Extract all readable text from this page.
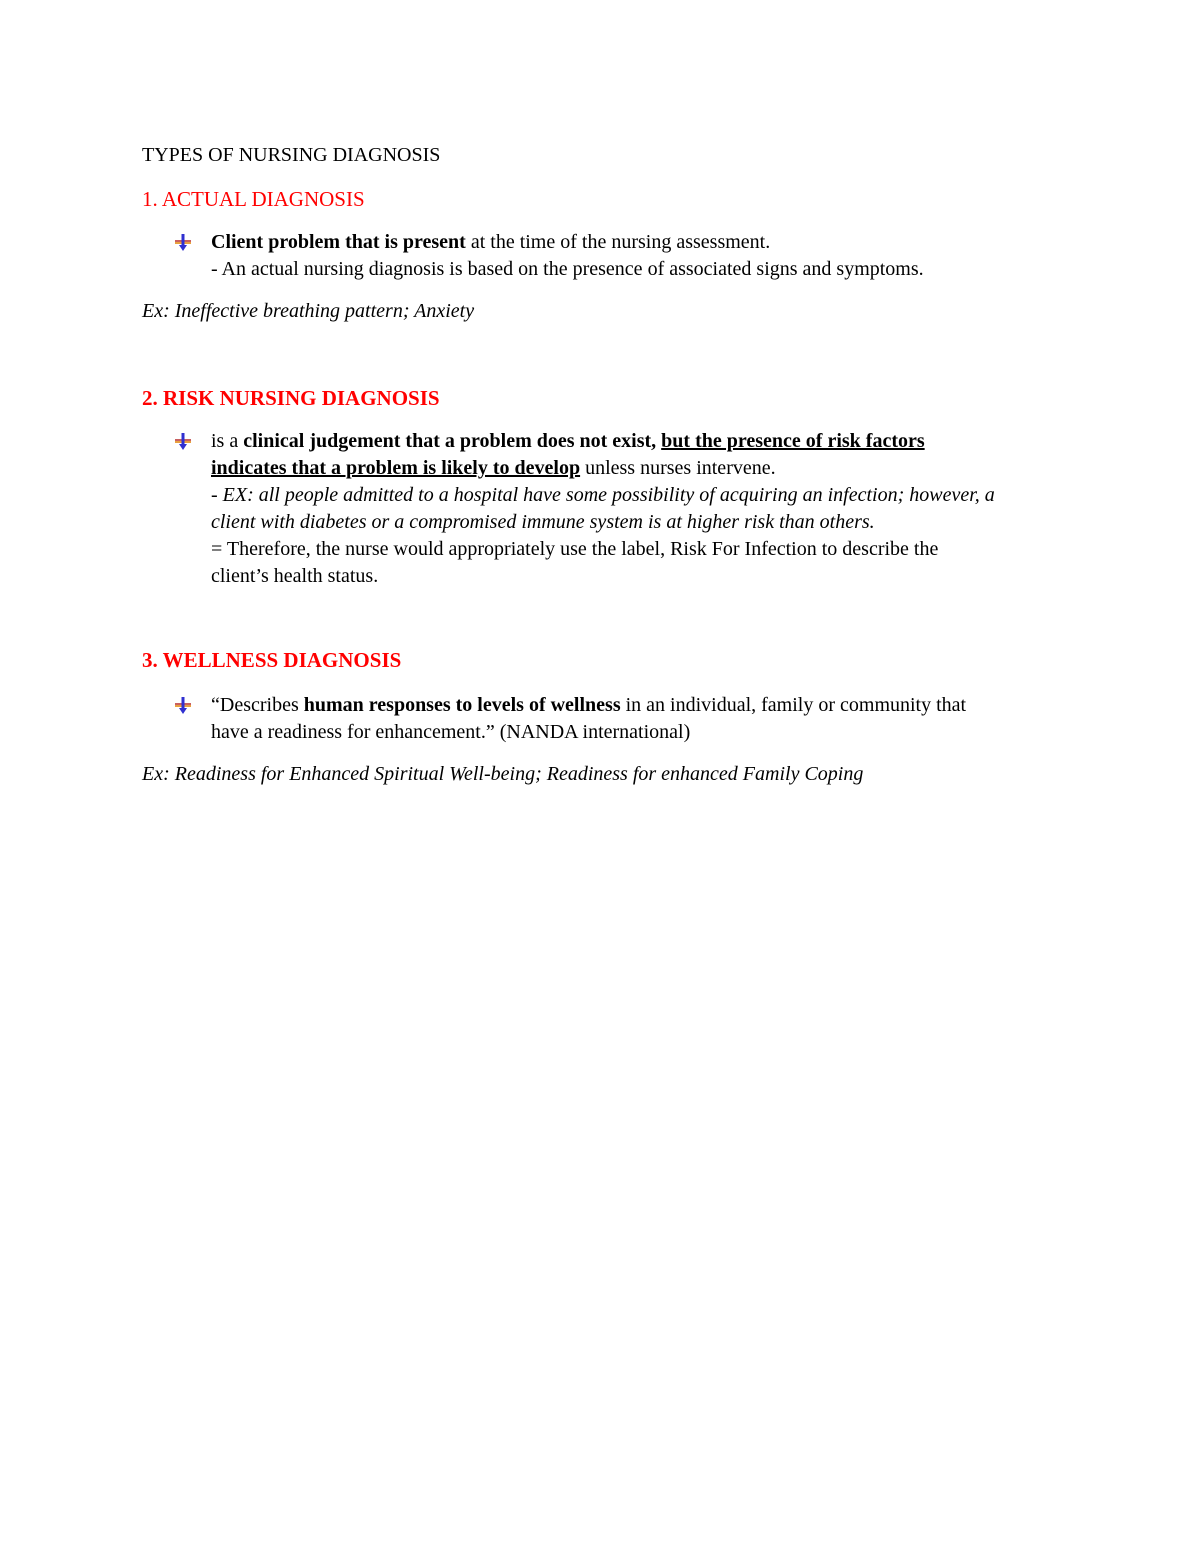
TYPES OF NURSING DIAGNOSIS
1. ACTUAL DIAGNOSIS
Client problem that is present at the time of the nursing assessment.
- An actual nursing diagnosis is based on the presence of associated signs and symptoms.
Ex: Ineffective breathing pattern; Anxiety
2. RISK NURSING DIAGNOSIS
is a clinical judgement that a problem does not exist, but the presence of risk factors
indicates that a problem is likely to develop unless nurses intervene.
- EX: all people admitted to a hospital have some possibility of acquiring an infection; however, a
client with diabetes or a compromised immune system is at higher risk than others.
= Therefore, the nurse would appropriately use the label, Risk For Infection to describe the
client’s health status.
3. WELLNESS DIAGNOSIS
“Describes human responses to levels of wellness in an individual, family or community that
have a readiness for enhancement.” (NANDA international)
Ex: Readiness for Enhanced Spiritual Well-being; Readiness for enhanced Family Coping
